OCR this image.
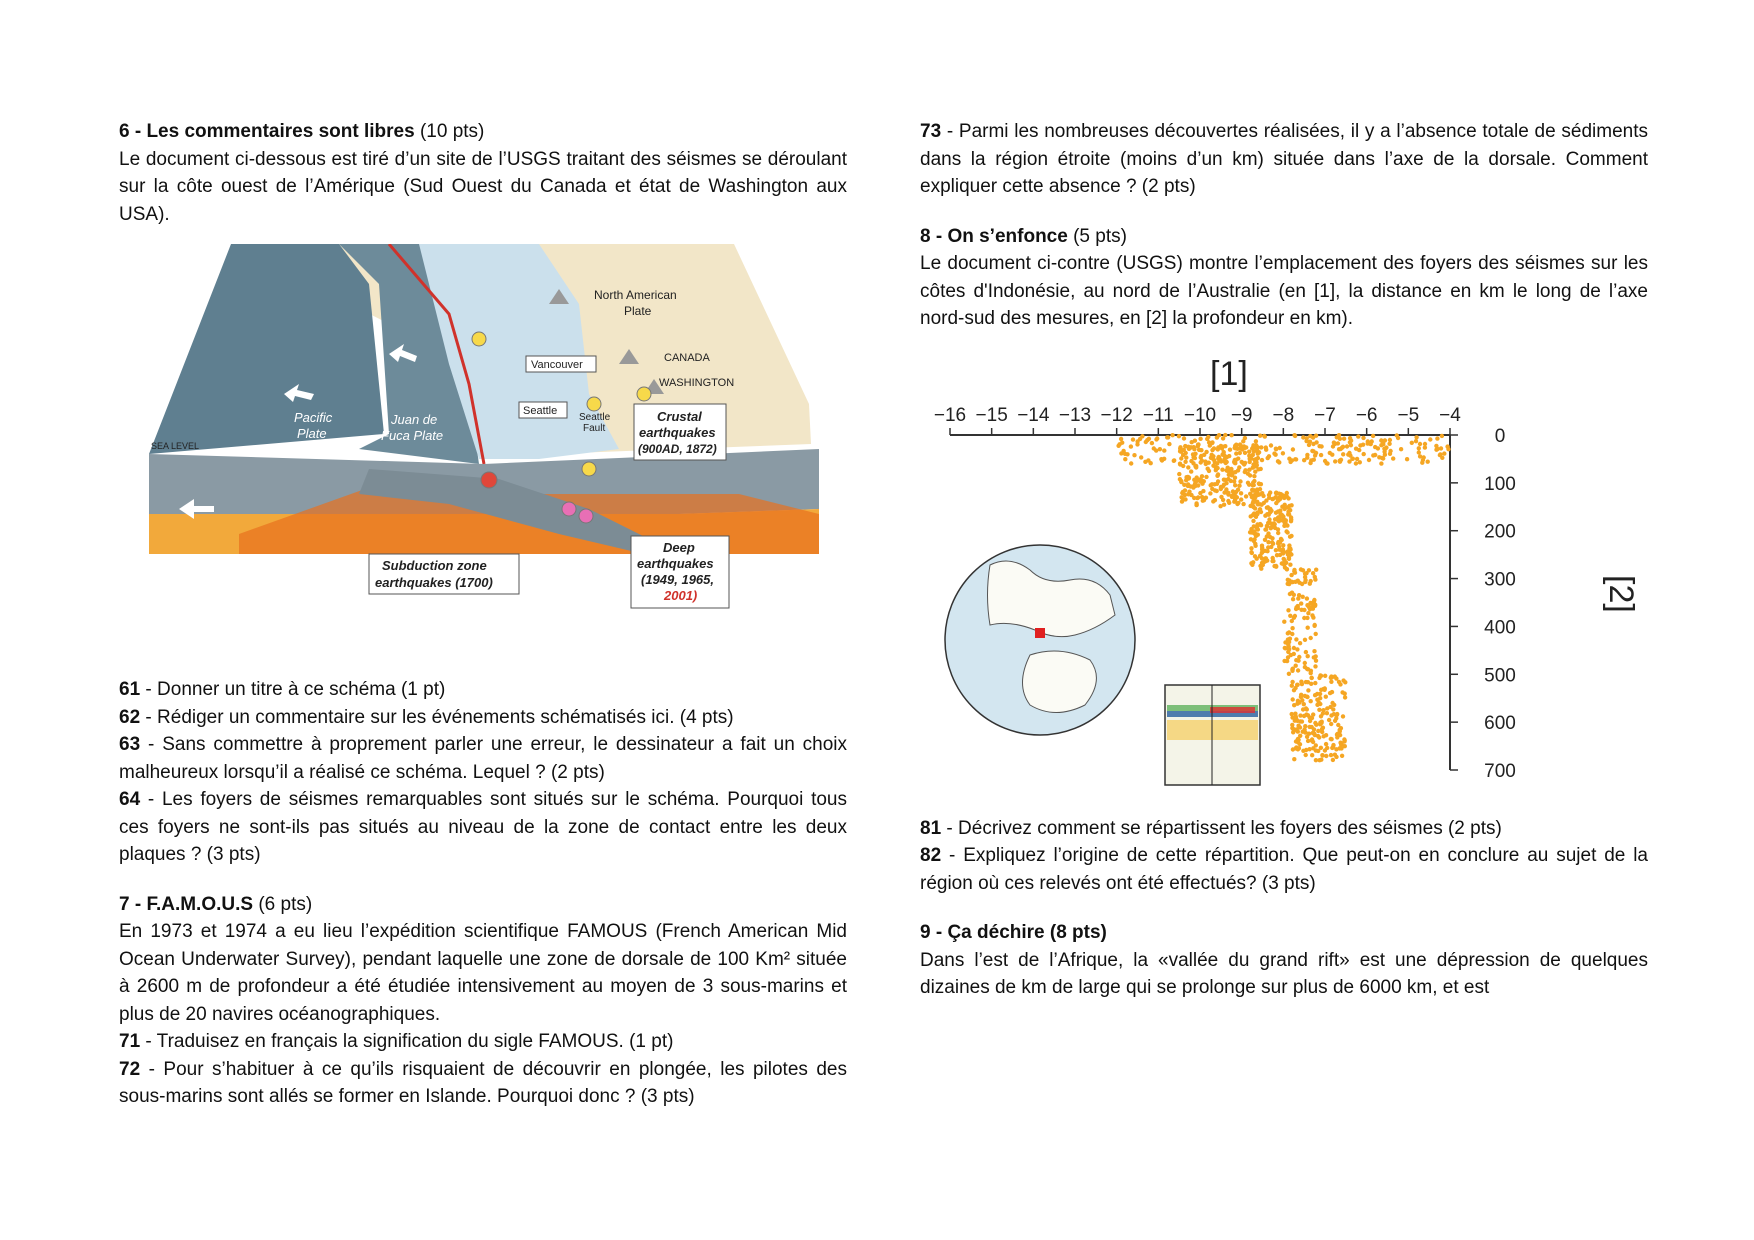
6 - Les commentaires sont libres (10 pts)

Le document ci-dessous est tiré d’un site de l’USGS traitant des séismes se déroulant sur la côte ouest de l’Amérique (Sud Ouest du Canada et état de Washington aux USA).

North American
Plate
CANADA
WASHINGTON
Vancouver
Seattle
Seattle
Fault
Crustal
earthquakes
(900AD, 1872)
Pacific
Plate
Juan de
Fuca Plate
SEA LEVEL
Subduction zone
earthquakes (1700)
Deep
earthquakes
(1949, 1965,
2001)

61 - Donner un titre à ce schéma (1 pt)

62 - Rédiger un commentaire sur les événements schématisés ici. (4 pts)

63 - Sans commettre à proprement parler une erreur, le dessinateur a fait un choix malheureux lorsqu’il a réalisé ce schéma. Lequel ? (2 pts)

64 - Les foyers de séismes remarquables sont situés sur le schéma. Pourquoi tous ces foyers ne sont-ils pas situés au niveau de la zone de contact entre les deux plaques ? (3 pts)

7 - F.A.M.O.U.S (6 pts)

En 1973 et 1974 a eu lieu l’expédition scientifique FAMOUS (French American Mid Ocean Underwater Survey), pendant laquelle une zone de dorsale de 100 Km² située à 2600 m de profondeur a été étudiée intensivement au moyen de 3 sous-marins et plus de 20 navires océanographiques.

71 - Traduisez en français la signification du sigle FAMOUS. (1 pt)

72 - Pour s’habituer à ce qu’ils risquaient de découvrir en plongée, les pilotes des sous-marins sont allés se former en Islande. Pourquoi donc ? (3 pts)

73 - Parmi les nombreuses découvertes réalisées, il y a l’absence totale de sédiments dans la région étroite (moins d’un km) située dans l’axe de la dorsale. Comment expliquer cette absence ? (2 pts)

8 - On s’enfonce (5 pts)

Le document ci-contre (USGS) montre l’emplacement des foyers des séismes sur les côtes d'Indonésie, au nord de l’Australie (en [1], la distance en km le long de l’axe nord-sud des mesures, en [2] la profondeur en km).

[1]
[2]
−16 −15 −14 −13 −12 −11 −10 −9 −8 −7 −6 −5 −4
0
100
200
300
400
500
600
700

81 - Décrivez comment se répartissent les foyers des séismes (2 pts)

82 - Expliquez l’origine de cette répartition. Que peut-on en conclure au sujet de la région où ces relevés ont été effectués? (3 pts)

9 - Ça déchire (8 pts)

Dans l’est de l’Afrique, la «vallée du grand rift» est une dépression de quelques dizaines de km de large qui se prolonge sur plus de 6000 km, et est
